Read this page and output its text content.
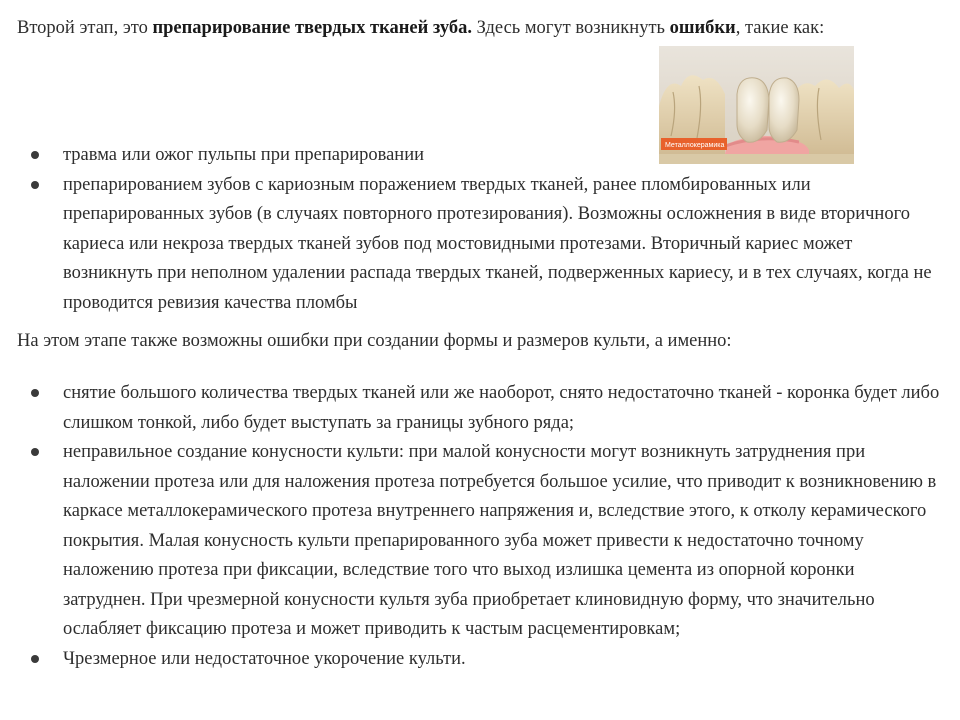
Второй этап, это препарирование твердых тканей зуба. Здесь могут возникнуть ошибки, такие как:
Металлокерамика
травма или ожог пульпы при препарировании
препарированием зубов с кариозным поражением твердых тканей, ранее пломбированных или препарированных зубов (в случаях повторного протезирования). Возможны осложнения в виде вторичного кариеса или некроза твердых тканей зубов под мостовидными протезами. Вторичный кариес может возникнуть при неполном удалении распада твердых тканей, подверженных кариесу, и в тех случаях, когда не проводится ревизия качества пломбы
На этом этапе также возможны ошибки при создании формы и размеров культи, а именно:
снятие большого количества твердых тканей или же наоборот, снято недостаточно тканей - коронка будет либо слишком тонкой, либо будет выступать за границы зубного ряда;
неправильное создание конусности культи: при малой конусности могут возникнуть затруднения при наложении протеза или для наложения протеза потребуется большое усилие, что приводит к возникновению в каркасе металлокерамического протеза внутреннего напряжения и, вследствие этого, к отколу керамического покрытия. Малая конусность культи препарированного зуба может привести к недостаточно точному наложению протеза при фиксации, вследствие того что выход излишка цемента из опорной коронки затруднен. При чрезмерной конусности культя зуба приобретает клиновидную форму, что значительно ослабляет фиксацию протеза и может приводить к частым расцементировкам;
Чрезмерное или недостаточное укорочение культи.
